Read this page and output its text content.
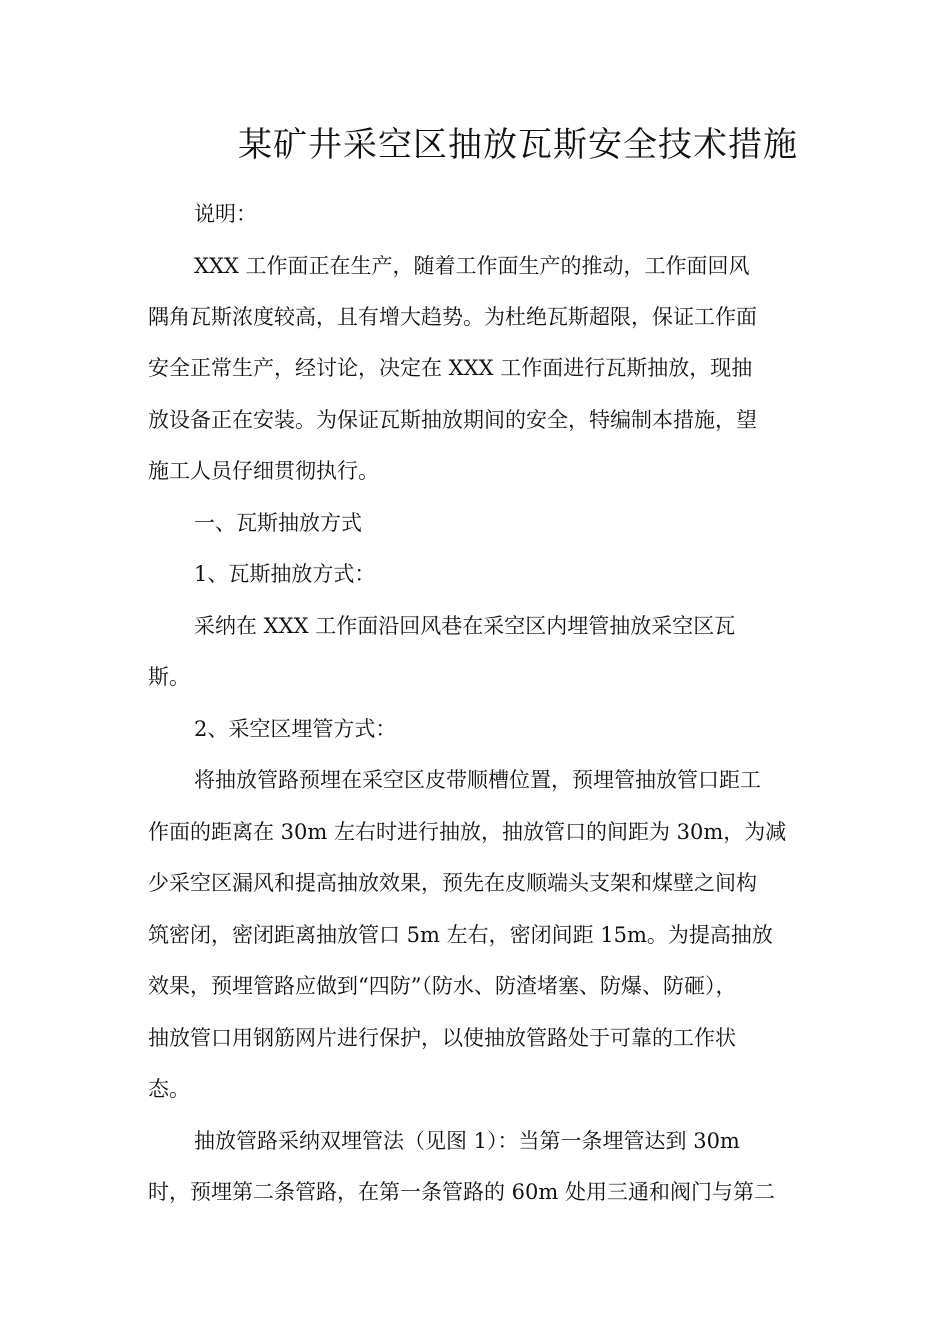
某矿井采空区抽放瓦斯安全技术措施
说明：
XXX 工作面正在生产，随着工作面生产的推动，工作面回风
隅角瓦斯浓度较高，且有增大趋势。为杜绝瓦斯超限，保证工作面
安全正常生产，经讨论，决定在 XXX 工作面进行瓦斯抽放，现抽
放设备正在安装。为保证瓦斯抽放期间的安全，特编制本措施，望
施工人员仔细贯彻执行。
一、瓦斯抽放方式
1、瓦斯抽放方式：
采纳在 XXX 工作面沿回风巷在采空区内埋管抽放采空区瓦
斯。
2、采空区埋管方式：
将抽放管路预埋在采空区皮带顺槽位置，预埋管抽放管口距工
作面的距离在 30m 左右时进行抽放，抽放管口的间距为 30m，为减
少采空区漏风和提高抽放效果，预先在皮顺端头支架和煤壁之间构
筑密闭，密闭距离抽放管口 5m 左右，密闭间距 15m。为提高抽放
效果，预埋管路应做到“四防”（防水、防渣堵塞、防爆、防砸），
抽放管口用钢筋网片进行保护，以使抽放管路处于可靠的工作状
态。
抽放管路采纳双埋管法（见图 1）：当第一条埋管达到 30m
时，预埋第二条管路，在第一条管路的 60m 处用三通和阀门与第二
